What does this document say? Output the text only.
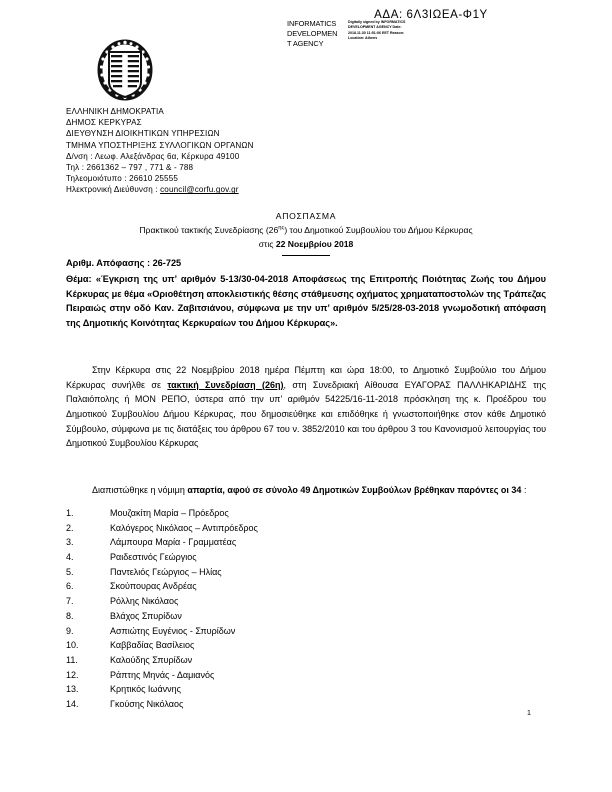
ΑΔΑ: 6Λ3ΙΩΕΑ-Φ1Υ
INFORMATICS
DEVELOPMEN
T AGENCY
Digitally signed by INFORMATICS DEVELOPMENT AGENCY Date: 2018.11.30 11:51:06 EET Reason: Location: Athens
ΕΛΛΗΝΙΚΗ ΔΗΜΟΚΡΑΤΙΑ
ΔΗΜΟΣ ΚΕΡΚΥΡΑΣ
ΔΙΕΥΘΥΝΣΗ ΔΙΟΙΚΗΤΙΚΩΝ ΥΠΗΡΕΣΙΩΝ
ΤΜΗΜΑ ΥΠΟΣΤΗΡΙΞΗΣ ΣΥΛΛΟΓΙΚΩΝ ΟΡΓΑΝΩΝ
Δ/νση : Λεωφ. Αλεξάνδρας 6α, Κέρκυρα 49100
Τηλ : 2661362 – 797 , 771 & - 788
Τηλεομοιότυπο : 26610 25555
Ηλεκτρονική Διεύθυνση : council@corfu.gov.gr
ΑΠΟΣΠΑΣΜΑ
Πρακτικού τακτικής Συνεδρίασης $(26^{\eta\varsigma})$ του Δημοτικού Συμβουλίου του Δήμου Κέρκυρας
στις 22 Νοεμβρίου 2018
Αριθμ. Απόφασης : 26-725
Θέμα: «Έγκριση της υπ’ αριθμόν 5-13/30-04-2018 Αποφάσεως της Επιτροπής Ποιότητας Ζωής του Δήμου Κέρκυρας με θέμα «Οριοθέτηση αποκλειστικής θέσης στάθμευσης οχήματος χρηματαποστολών της Τράπεζας Πειραιώς στην οδό Καν. Ζαβιτσιάνου, σύμφωνα με την υπ’ αριθμόν 5/25/28-03-2018 γνωμοδοτική απόφαση της Δημοτικής Κοινότητας Κερκυραίων του Δήμου Κέρκυρας».
Στην Κέρκυρα στις 22 Νοεμβρίου 2018 ημέρα Πέμπτη και ώρα 18:00, το Δημοτικό Συμβούλιο του Δήμου Κέρκυρας συνήλθε σε τακτική Συνεδρίαση (26η), στη Συνεδριακή Αίθουσα ΕΥΑΓΟΡΑΣ ΠΑΛΛΗΚΑΡΙΔΗΣ της Παλαιόπολης ή ΜΟΝ ΡΕΠΟ, ύστερα από την υπ’ αριθμόν 54225/16-11-2018 πρόσκληση της κ. Προέδρου του Δημοτικού Συμβουλίου Δήμου Κέρκυρας, που δημοσιεύθηκε και επιδόθηκε ή γνωστοποιήθηκε στον κάθε Δημοτικό Σύμβουλο, σύμφωνα με τις διατάξεις του άρθρου 67 του ν. 3852/2010 και του άρθρου 3 του Κανονισμού λειτουργίας του Δημοτικού Συμβουλίου Κέρκυρας
Διαπιστώθηκε η νόμιμη απαρτία, αφού σε σύνολο 49 Δημοτικών Συμβούλων βρέθηκαν παρόντες οι 34 :
1.	Μουζακίτη Μαρία – Πρόεδρος
2.	Καλόγερος Νικόλαος – Αντιπρόεδρος
3.	Λάμπουρα Μαρία - Γραμματέας
4.	Ραιδεστινός Γεώργιος
5.	Παντελιός Γεώργιος – Ηλίας
6.	Σκούπουρας Ανδρέας
7.	Ρόλλης Νικόλαος
8.	Βλάχος Σπυρίδων
9.	Ασπιώτης Ευγένιος - Σπυρίδων
10.	Καββαδίας Βασίλειος
11.	Καλούδης Σπυρίδων
12.	Ράπτης Μηνάς - Δαμιανός
13.	Κρητικός Ιωάννης
14.	Γκούσης Νικόλαος
1
